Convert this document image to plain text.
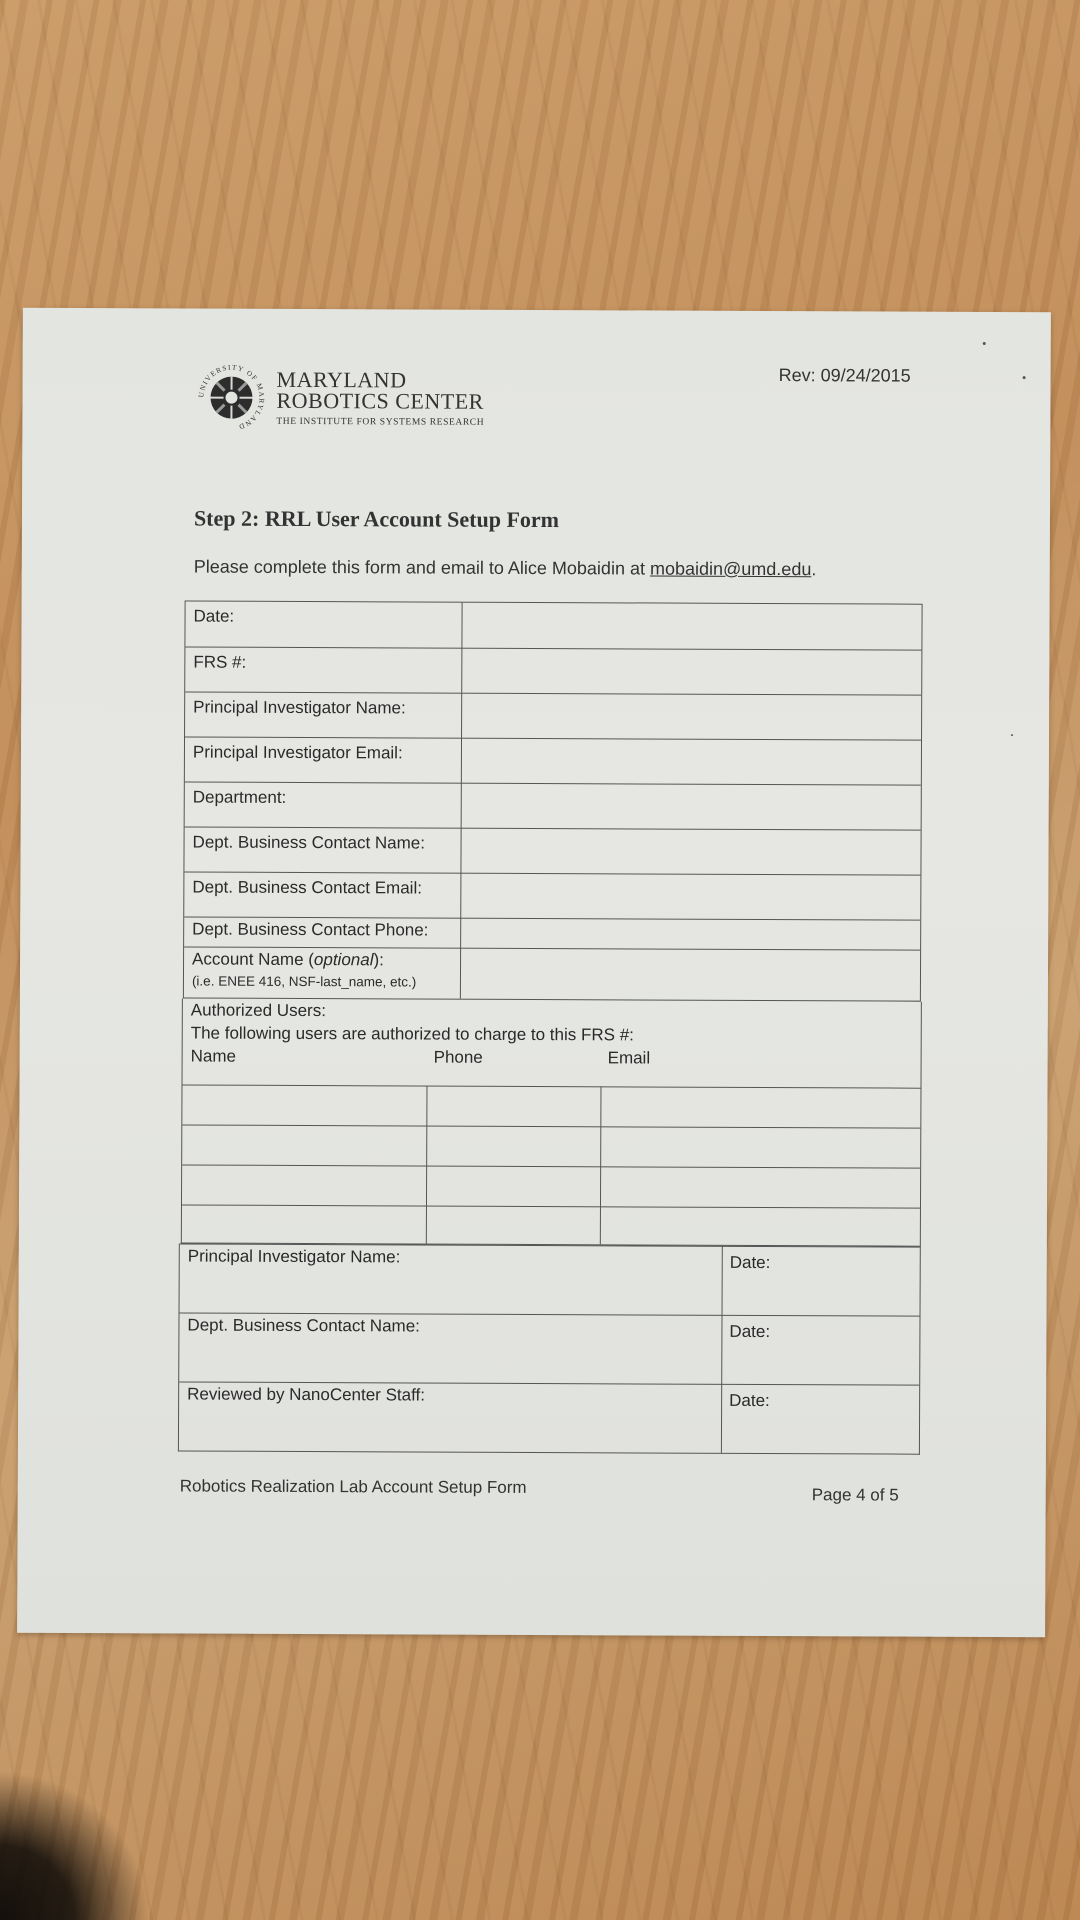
UNIVERSITY OF MARYLAND
MARYLAND
ROBOTICS CENTER
THE INSTITUTE FOR SYSTEMS RESEARCH
Rev: 09/24/2015
Step 2: RRL User Account Setup Form
Please complete this form and email to Alice Mobaidin at mobaidin@umd.edu.
Date:
FRS #:
Principal Investigator Name:
Principal Investigator Email:
Department:
Dept. Business Contact Name:
Dept. Business Contact Email:
Dept. Business Contact Phone:
Account Name (optional):
(i.e. ENEE 416, NSF-last_name, etc.)
Authorized Users:
The following users are authorized to charge to this FRS #:
Name	Phone	Email
Principal Investigator Name:	Date:
Dept. Business Contact Name:	Date:
Reviewed by NanoCenter Staff:	Date:
Robotics Realization Lab Account Setup Form	Page 4 of 5
